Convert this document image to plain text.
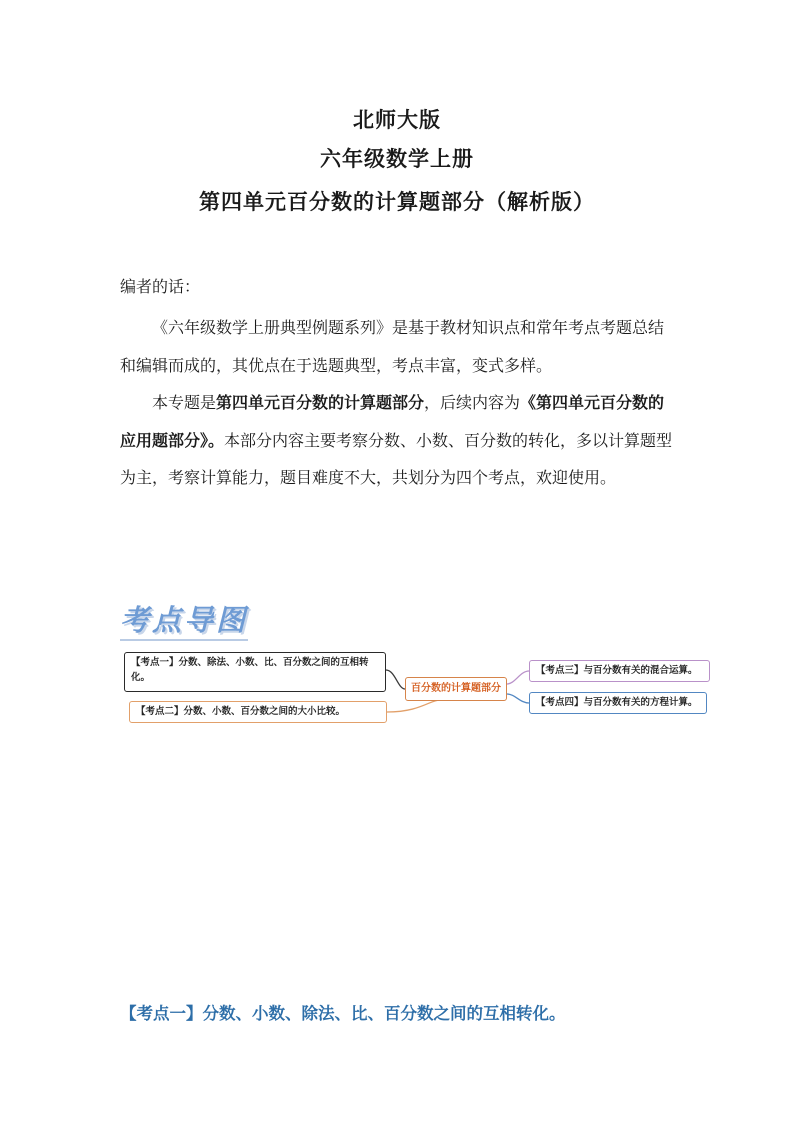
北师大版
六年级数学上册
第四单元百分数的计算题部分（解析版）

编者的话：

《六年级数学上册典型例题系列》是基于教材知识点和常年考点考题总结和编辑而成的，其优点在于选题典型，考点丰富，变式多样。

本专题是第四单元百分数的计算题部分，后续内容为《第四单元百分数的应用题部分》。本部分内容主要考察分数、小数、百分数的转化，多以计算题型为主，考察计算能力，题目难度不大，共划分为四个考点，欢迎使用。

考点导图
【考点一】分数、除法、小数、比、百分数之间的互相转化。
【考点二】分数、小数、百分数之间的大小比较。
百分数的计算题部分
【考点三】与百分数有关的混合运算。
【考点四】与百分数有关的方程计算。
【考点一】分数、小数、除法、比、百分数之间的互相转化。
